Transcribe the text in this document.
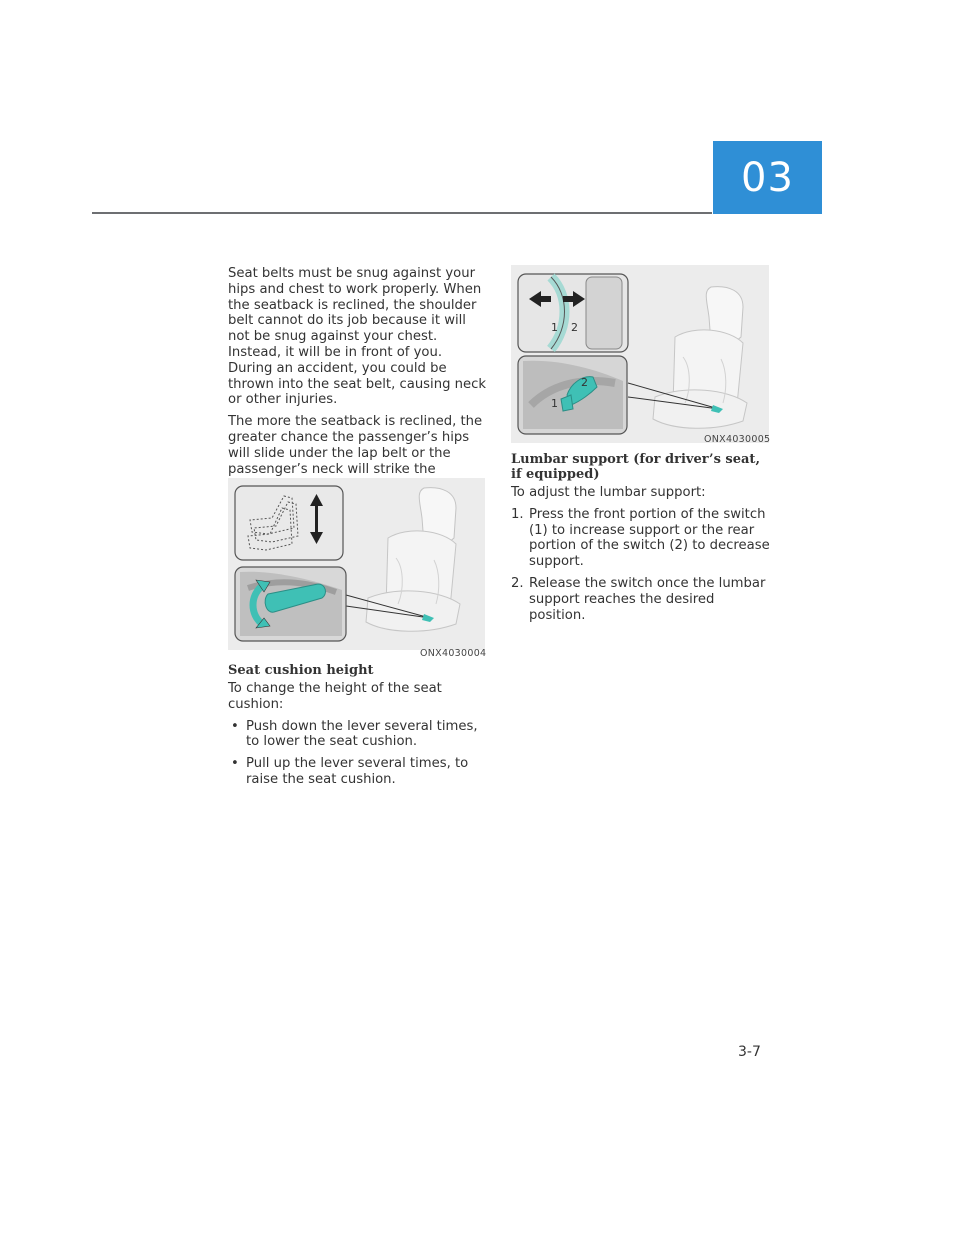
03

Seat belts must be snug against your hips and chest to work properly. When the seatback is reclined, the shoulder belt cannot do its job because it will not be snug against your chest. Instead, it will be in front of you. During an accident, you could be thrown into the seat belt, causing neck or other injuries.

The more the seatback is reclined, the greater chance the passenger’s hips will slide under the lap belt or the passenger’s neck will strike the

ONX4030004
Seat cushion height

To change the height of the seat cushion:

• Push down the lever several times, to lower the seat cushion.
• Pull up the lever several times, to raise the seat cushion.
1 2
2
1
ONX4030005
Lumbar support (for driver’s seat, if equipped)

To adjust the lumbar support:

1. Press the front portion of the switch (1) to increase support or the rear portion of the switch (2) to decrease support.
2. Release the switch once the lumbar support reaches the desired position.
3-7
